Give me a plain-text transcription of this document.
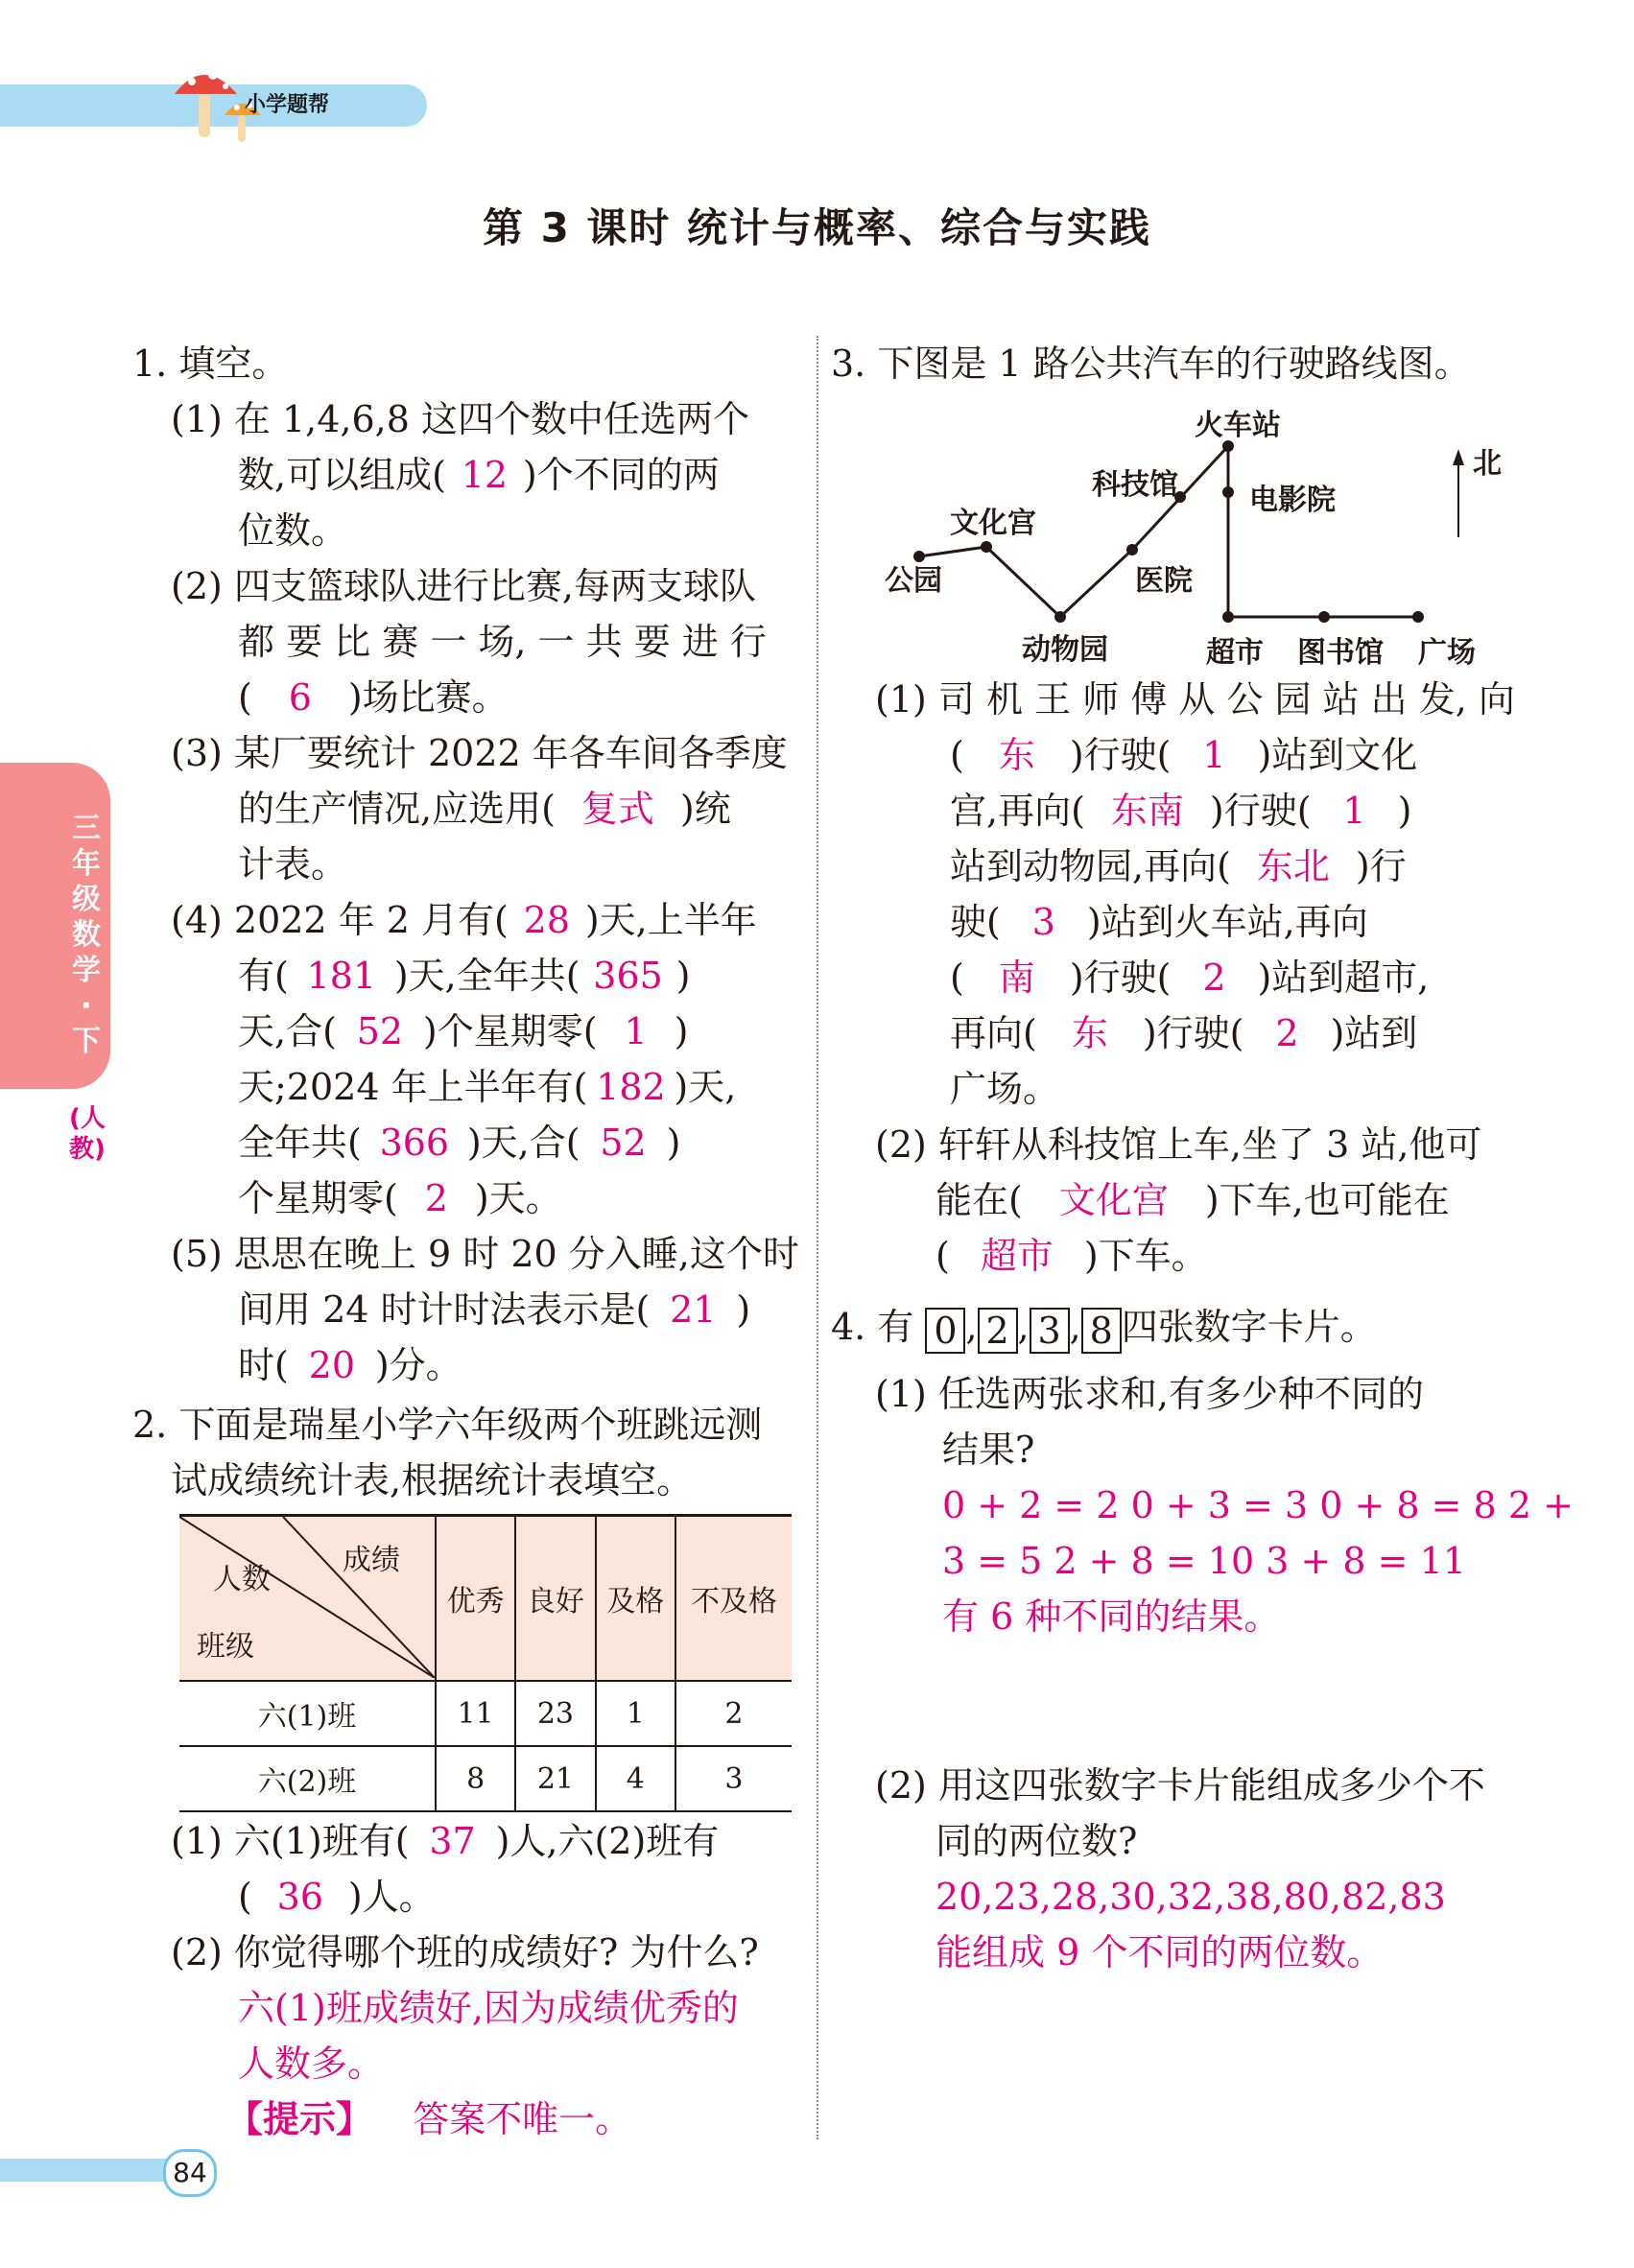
小学题帮
第 3 课时 统计与概率、综合与实践
三年级数学·下
(人教)
1. 填空。
(1) 在 1,4,6,8 这四个数中任选两个
数,可以组成( 12 )个不同的两
位数。
(2) 四支篮球队进行比赛,每两支球队
都 要 比 赛 一 场, 一 共 要 进 行
( 6 )场比赛。
(3) 某厂要统计 2022 年各车间各季度
的生产情况,应选用( 复式 )统
计表。
(4) 2022 年 2 月有( 28 )天,上半年
有( 181 )天,全年共( 365 )
天,合( 52 )个星期零( 1 )
天;2024 年上半年有( 182 )天,
全年共( 366 )天,合( 52 )
个星期零( 2 )天。
(5) 思思在晚上 9 时 20 分入睡,这个时
间用 24 时计时法表示是( 21 )
时( 20 )分。
2. 下面是瑞星小学六年级两个班跳远测
试成绩统计表,根据统计表填空。
成绩
人数
班级	优秀	良好	及格	不及格
六(1)班	11	23	1	2
六(2)班	8	21	4	3
(1) 六(1)班有( 37 )人,六(2)班有
( 36 )人。
(2) 你觉得哪个班的成绩好? 为什么?
六(1)班成绩好,因为成绩优秀的
人数多。
【提示】 答案不唯一。
3. 下图是 1 路公共汽车的行驶路线图。
公园
文化宫
动物园
医院
科技馆
火车站
电影院
超市 图书馆 广场
北
(1) 司 机 王 师 傅 从 公 园 站 出 发, 向
( 东 )行驶( 1 )站到文化
宫,再向( 东南 )行驶( 1 )
站到动物园,再向( 东北 )行
驶( 3 )站到火车站,再向
( 南 )行驶( 2 )站到超市,
再向( 东 )行驶( 2 )站到
广场。
(2) 轩轩从科技馆上车,坐了 3 站,他可
能在( 文化宫 )下车,也可能在
( 超市 )下车。
4. 有 0 , 2 , 3 , 8 四张数字卡片。
(1) 任选两张求和,有多少种不同的
结果?
0 + 2 = 2 0 + 3 = 3 0 + 8 = 8 2 +
3 = 5 2 + 8 = 10 3 + 8 = 11
有 6 种不同的结果。
(2) 用这四张数字卡片能组成多少个不
同的两位数?
20,23,28,30,32,38,80,82,83
能组成 9 个不同的两位数。
84
